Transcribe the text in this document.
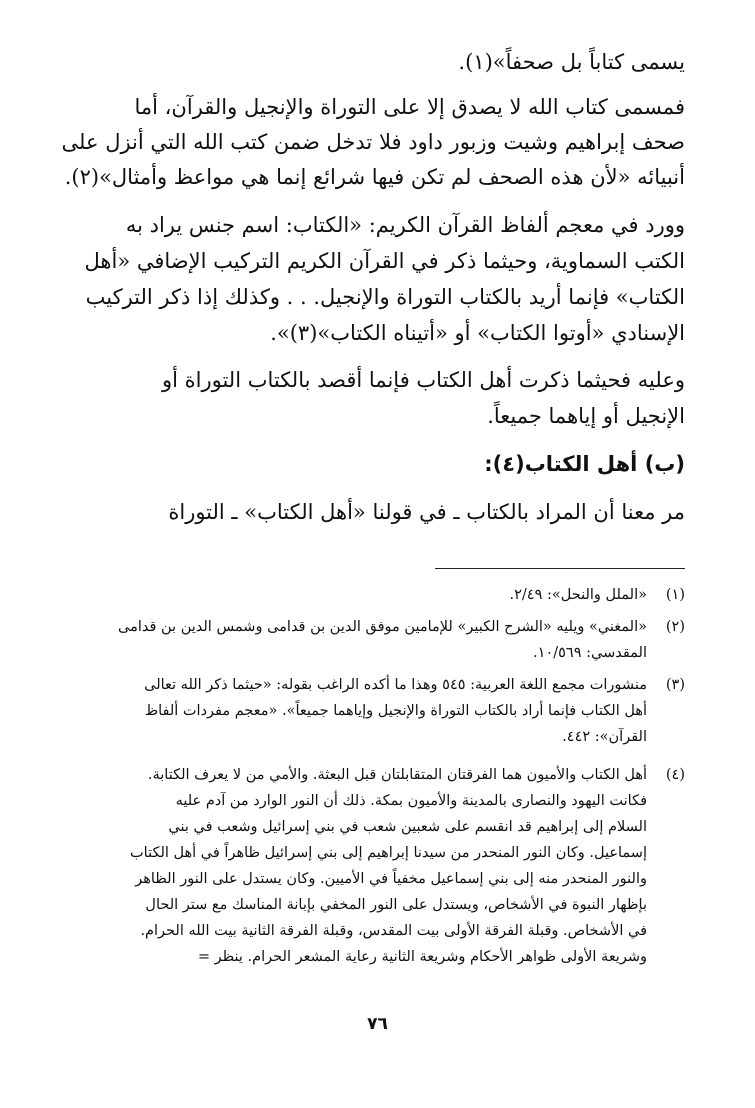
يسمى كتاباً بل صحفاً»(١).
فمسمى كتاب الله لا يصدق إلا على التوراة والإنجيل والقرآن، أما
صحف إبراهيم وشيت وزبور داود فلا تدخل ضمن كتب الله التي أنزل على
أنبيائه «لأن هذه الصحف لم تكن فيها شرائع إنما هي مواعظ وأمثال»(٢).
وورد في معجم ألفاظ القرآن الكريم: «الكتاب: اسم جنس يراد به
الكتب السماوية، وحيثما ذكر في القرآن الكريم التركيب الإضافي «أهل
الكتاب» فإنما أريد بالكتاب التوراة والإنجيل. . . وكذلك إذا ذكر التركيب
الإسنادي «أوتوا الكتاب» أو «أتيناه الكتاب»(٣)».
وعليه فحيثما ذكرت أهل الكتاب فإنما أقصد بالكتاب التوراة أو
الإنجيل أو إياهما جميعاً.
(ب) أهل الكتاب(٤):
مر معنا أن المراد بالكتاب ـ في قولنا «أهل الكتاب» ـ التوراة
(١)
«الملل والنحل»: ٢/٤٩.
(٢)
«المغني» ويليه «الشرح الكبير» للإمامين موفق الدين بن قدامى وشمس الدين بن قدامى
المقدسي: ١٠/٥٦٩.
(٣)
منشورات مجمع اللغة العربية: ٥٤٥ وهذا ما أكده الراغب بقوله: «حيثما ذكر الله تعالى
أهل الكتاب فإنما أراد بالكتاب التوراة والإنجيل وإياهما جميعاً». «معجم مفردات ألفاظ
القرآن»: ٤٤٢.
(٤)
أهل الكتاب والأميون هما الفرقتان المتقابلتان قبل البعثة. والأمي من لا يعرف الكتابة.
فكانت اليهود والنصارى بالمدينة والأميون بمكة. ذلك أن النور الوارد من آدم عليه
السلام إلى إبراهيم قد انقسم على شعبين شعب في بني إسرائيل وشعب في بني
إسماعيل. وكان النور المنحدر من سيدنا إبراهيم إلى بني إسرائيل ظاهراً في أهل الكتاب
والنور المنحدر منه إلى بني إسماعيل مخفياً في الأميين. وكان يستدل على النور الظاهر
بإظهار النبوة في الأشخاص، ويستدل على النور المخفي بإبانة المناسك مع ستر الحال
في الأشخاص. وقبلة الفرقة الأولى بيت المقدس، وقبلة الفرقة الثانية بيت الله الحرام.
وشريعة الأولى ظواهر الأحكام وشريعة الثانية رعاية المشعر الحرام. ينظر =
٧٦
